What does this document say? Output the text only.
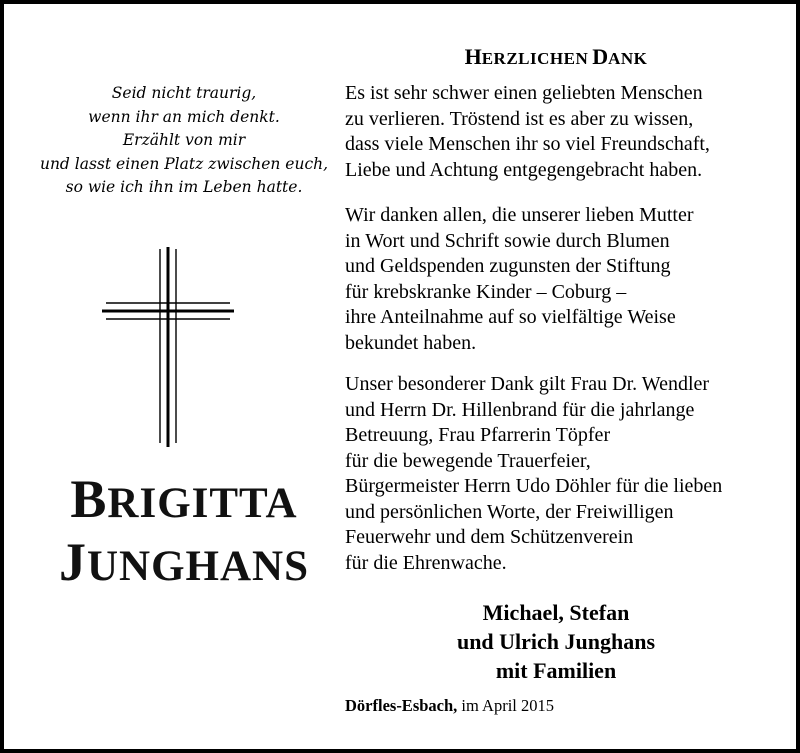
Seid nicht traurig,
wenn ihr an mich denkt.
Erzählt von mir
und lasst einen Platz zwischen euch,
so wie ich ihn im Leben hatte.
BRIGITTA
JUNGHANS
HERZLICHEN DANK
Es ist sehr schwer einen geliebten Menschen
zu verlieren. Tröstend ist es aber zu wissen,
dass viele Menschen ihr so viel Freundschaft,
Liebe und Achtung entgegengebracht haben.
Wir danken allen, die unserer lieben Mutter
in Wort und Schrift sowie durch Blumen
und Geldspenden zugunsten der Stiftung
für krebskranke Kinder – Coburg –
ihre Anteilnahme auf so vielfältige Weise
bekundet haben.
Unser besonderer Dank gilt Frau Dr. Wendler
und Herrn Dr. Hillenbrand für die jahrlange
Betreuung, Frau Pfarrerin Töpfer
für die bewegende Trauerfeier,
Bürgermeister Herrn Udo Döhler für die lieben
und persönlichen Worte, der Freiwilligen
Feuerwehr und dem Schützenverein
für die Ehrenwache.
Michael, Stefan
und Ulrich Junghans
mit Familien
Dörfles-Esbach, im April 2015
